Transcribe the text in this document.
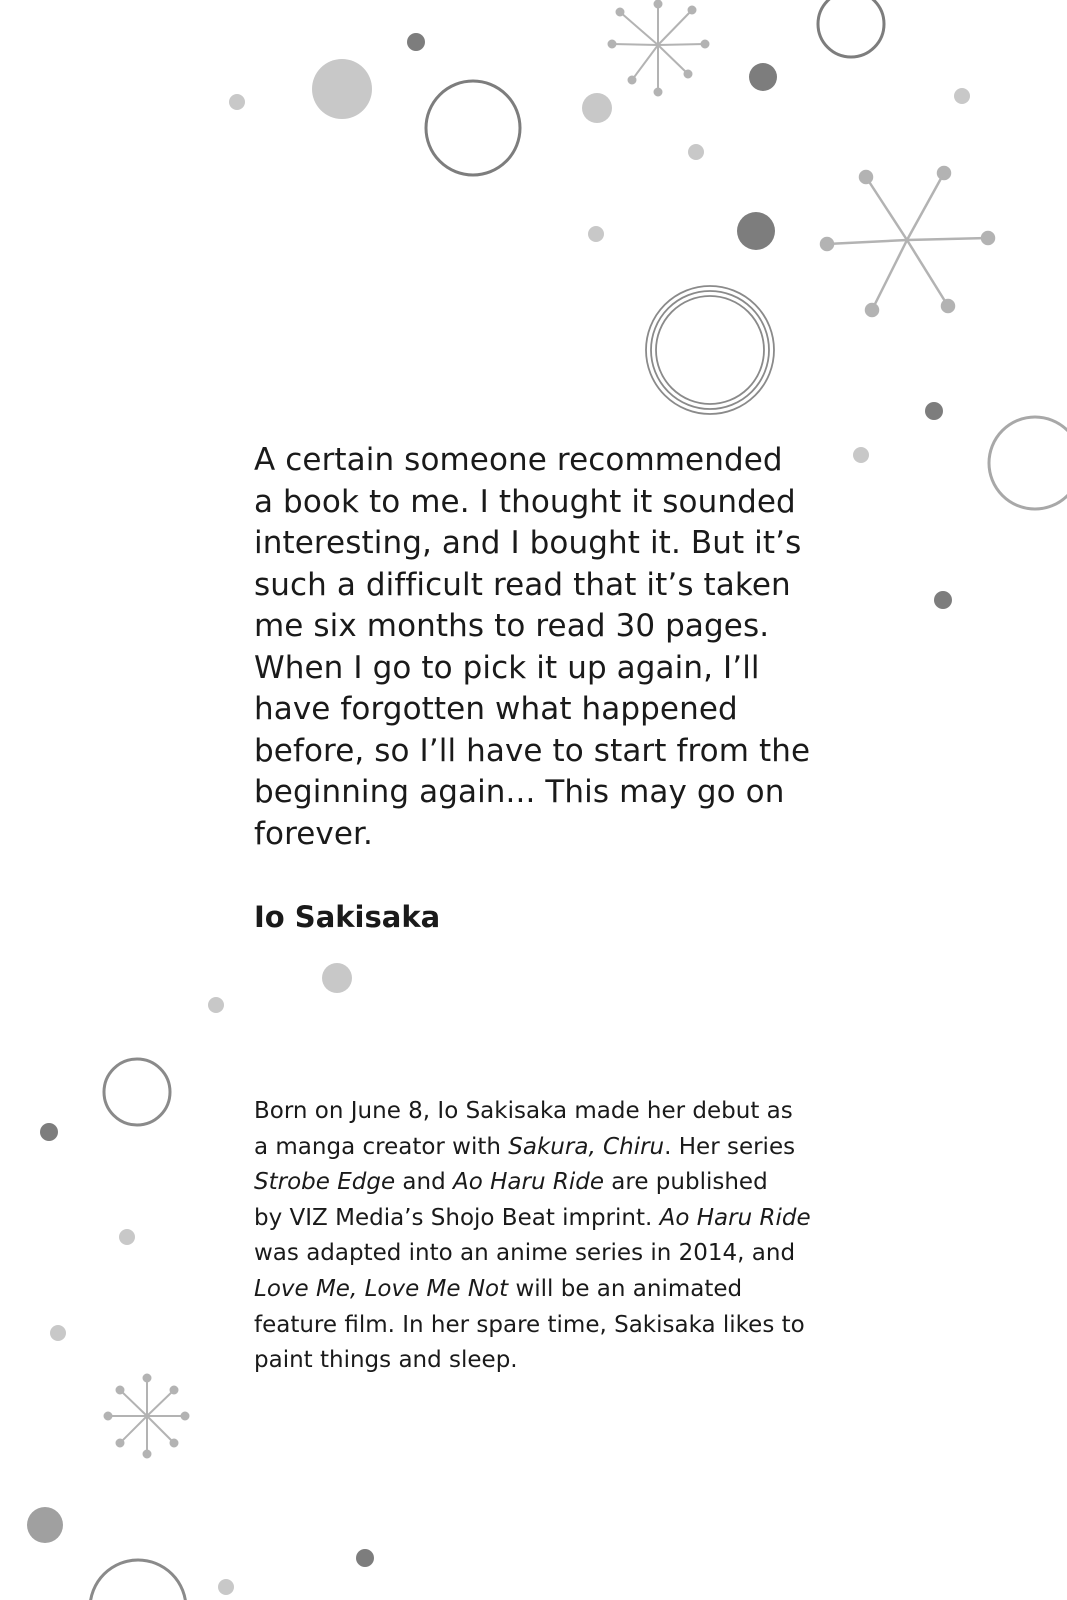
A certain someone recommended
a book to me. I thought it sounded
interesting, and I bought it. But it’s
such a difficult read that it’s taken
me six months to read 30 pages.
When I go to pick it up again, I’ll
have forgotten what happened
before, so I’ll have to start from the
beginning again... This may go on
forever.
Io Sakisaka
Born on June 8, Io Sakisaka made her debut as
a manga creator with Sakura, Chiru. Her series
Strobe Edge and Ao Haru Ride are published
by VIZ Media’s Shojo Beat imprint. Ao Haru Ride
was adapted into an anime series in 2014, and
Love Me, Love Me Not will be an animated
feature film. In her spare time, Sakisaka likes to
paint things and sleep.
